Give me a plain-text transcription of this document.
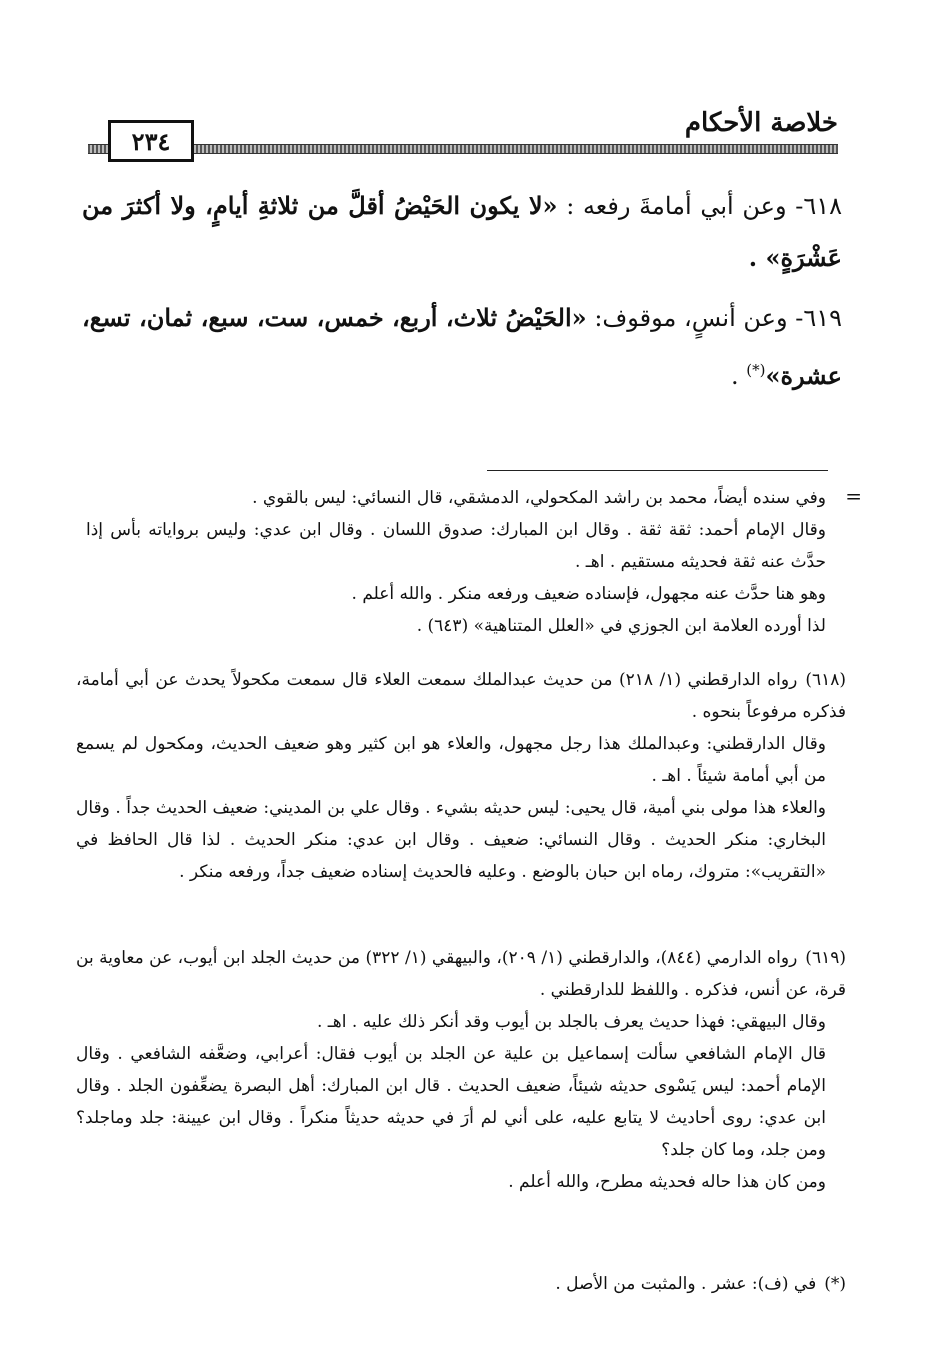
خلاصة الأحكام
٢٣٤
٦١٨- وعن أبي أمامةَ رفعه : «لا يكون الحَيْضُ أقلَّ من ثلاثةِ أيامٍ، ولا أكثرَ من عَشْرَةٍ» .
٦١٩- وعن أنسٍ، موقوف: «الحَيْضُ ثلاث، أربع، خمس، ست، سبع، ثمان، تسع، عشرة»(*) .
=
وفي سنده أيضاً، محمد بن راشد المكحولي، الدمشقي، قال النسائي: ليس بالقوي .
وقال الإمام أحمد: ثقة ثقة . وقال ابن المبارك: صدوق اللسان . وقال ابن عدي: وليس برواياته بأس إذا حدَّث عنه ثقة فحديثه مستقيم . اهـ .
وهو هنا حدَّث عنه مجهول، فإسناده ضعيف ورفعه منكر . والله أعلم .
لذا أورده العلامة ابن الجوزي في «العلل المتناهية» (٦٤٣) .
(٦١٨)رواه الدارقطني (١/ ٢١٨) من حديث عبدالملك سمعت العلاء قال سمعت مكحولاً يحدث عن أبي أمامة، فذكره مرفوعاً بنحوه .
وقال الدارقطني: وعبدالملك هذا رجل مجهول، والعلاء هو ابن كثير وهو ضعيف الحديث، ومكحول لم يسمع من أبي أمامة شيئاً . اهـ .
والعلاء هذا مولى بني أمية، قال يحيى: ليس حديثه بشيء . وقال علي بن المديني: ضعيف الحديث جداً . وقال البخاري: منكر الحديث . وقال النسائي: ضعيف . وقال ابن عدي: منكر الحديث . لذا قال الحافظ في «التقريب»: متروك، رماه ابن حبان بالوضع . وعليه فالحديث إسناده ضعيف جداً، ورفعه منكر .
(٦١٩)رواه الدارمي (٨٤٤)، والدارقطني (١/ ٢٠٩)، والبيهقي (١/ ٣٢٢) من حديث الجلد ابن أيوب، عن معاوية بن قرة، عن أنس، فذكره . واللفظ للدارقطني .
وقال البيهقي: فهذا حديث يعرف بالجلد بن أيوب وقد أنكر ذلك عليه . اهـ .
قال الإمام الشافعي سألت إسماعيل بن علية عن الجلد بن أيوب فقال: أعرابي، وضعَّفه الشافعي . وقال الإمام أحمد: ليس يَسْوى حديثه شيئاً، ضعيف الحديث . قال ابن المبارك: أهل البصرة يضعِّفون الجلد . وقال ابن عدي: روى أحاديث لا يتابع عليه، على أني لم أرَ في حديثه حديثاً منكراً . وقال ابن عيينة: جلد وماجلد؟ ومن جلد، وما كان جلد؟
ومن كان هذا حاله فحديثه مطرح، والله أعلم .
(*)في (ف): عشر . والمثبت من الأصل .
